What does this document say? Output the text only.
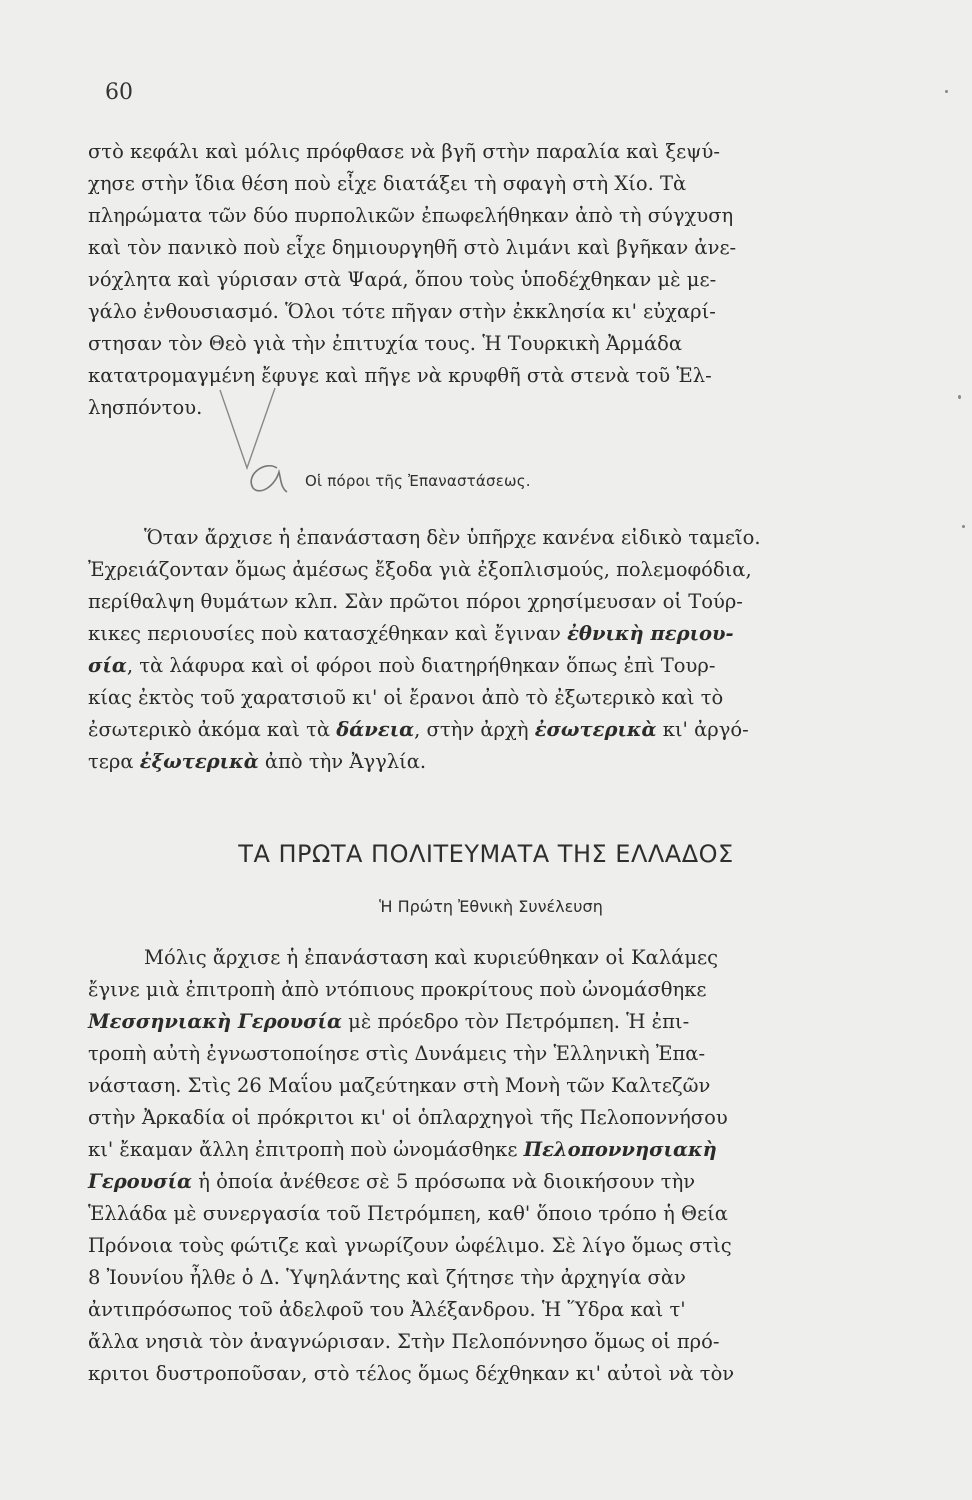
60
στὸ κεφάλι καὶ μόλις πρόφθασε νὰ βγῆ στὴν παραλία καὶ ξεψύ-
χησε στὴν ἴδια θέση ποὺ εἶχε διατάξει τὴ σφαγὴ στὴ Χίο. Τὰ
πληρώματα τῶν δύο πυρπολικῶν ἐπωφελήθηκαν ἀπὸ τὴ σύγχυση
καὶ τὸν πανικὸ ποὺ εἶχε δημιουργηθῆ στὸ λιμάνι καὶ βγῆκαν ἀνε-
νόχλητα καὶ γύρισαν στὰ Ψαρά, ὅπου τοὺς ὑποδέχθηκαν μὲ με-
γάλο ἐνθουσιασμό. Ὅλοι τότε πῆγαν στὴν ἐκκλησία κι' εὐχαρί-
στησαν τὸν Θεὸ γιὰ τὴν ἐπιτυχία τους. Ἡ Τουρκικὴ Ἀρμάδα
κατατρομαγμένη ἔφυγε καὶ πῆγε νὰ κρυφθῆ στὰ στενὰ τοῦ Ἑλ-
λησπόντου.
Οἱ πόροι τῆς Ἐπαναστάσεως.
Ὅταν ἄρχισε ἡ ἐπανάσταση δὲν ὑπῆρχε κανένα εἰδικὸ ταμεῖο.
Ἐχρειάζονταν ὅμως ἀμέσως ἔξοδα γιὰ ἐξοπλισμούς, πολεμοφόδια,
περίθαλψη θυμάτων κλπ. Σὰν πρῶτοι πόροι χρησίμευσαν οἱ Τούρ-
κικες περιουσίες ποὺ κατασχέθηκαν καὶ ἔγιναν ἐθνικὴ περιου-
σία, τὰ λάφυρα καὶ οἱ φόροι ποὺ διατηρήθηκαν ὅπως ἐπὶ Τουρ-
κίας ἐκτὸς τοῦ χαρατσιοῦ κι' οἱ ἔρανοι ἀπὸ τὸ ἐξωτερικὸ καὶ τὸ
ἐσωτερικὸ ἀκόμα καὶ τὰ δάνεια, στὴν ἀρχὴ ἐσωτερικὰ κι' ἀργό-
τερα ἐξωτερικὰ ἀπὸ τὴν Ἀγγλία.
ΤΑ ΠΡΩΤΑ ΠΟΛΙΤΕΥΜΑΤΑ ΤΗΣ ΕΛΛΑΔΟΣ
Ἡ Πρώτη Ἐθνικὴ Συνέλευση
Μόλις ἄρχισε ἡ ἐπανάσταση καὶ κυριεύθηκαν οἱ Καλάμες
ἔγινε μιὰ ἐπιτροπὴ ἀπὸ ντόπιους προκρίτους ποὺ ὠνομάσθηκε
Μεσσηνιακὴ Γερουσία μὲ πρόεδρο τὸν Πετρόμπεη. Ἡ ἐπι-
τροπὴ αὐτὴ ἐγνωστοποίησε στὶς Δυνάμεις τὴν Ἑλληνικὴ Ἐπα-
νάσταση. Στὶς 26 Μαΐου μαζεύτηκαν στὴ Μονὴ τῶν Καλτεζῶν
στὴν Ἀρκαδία οἱ πρόκριτοι κι' οἱ ὁπλαρχηγοὶ τῆς Πελοποννήσου
κι' ἔκαμαν ἄλλη ἐπιτροπὴ ποὺ ὠνομάσθηκε Πελοποννησιακὴ
Γερουσία ἡ ὁποία ἀνέθεσε σὲ 5 πρόσωπα νὰ διοικήσουν τὴν
Ἑλλάδα μὲ συνεργασία τοῦ Πετρόμπεη, καθ' ὅποιο τρόπο ἡ Θεία
Πρόνοια τοὺς φώτιζε καὶ γνωρίζουν ὠφέλιμο. Σὲ λίγο ὅμως στὶς
8 Ἰουνίου ἦλθε ὁ Δ. Ὑψηλάντης καὶ ζήτησε τὴν ἀρχηγία σὰν
ἀντιπρόσωπος τοῦ ἀδελφοῦ του Ἀλέξανδρου. Ἡ Ὕδρα καὶ τ'
ἄλλα νησιὰ τὸν ἀναγνώρισαν. Στὴν Πελοπόννησο ὅμως οἱ πρό-
κριτοι δυστροποῦσαν, στὸ τέλος ὅμως δέχθηκαν κι' αὐτοὶ νὰ τὸν
